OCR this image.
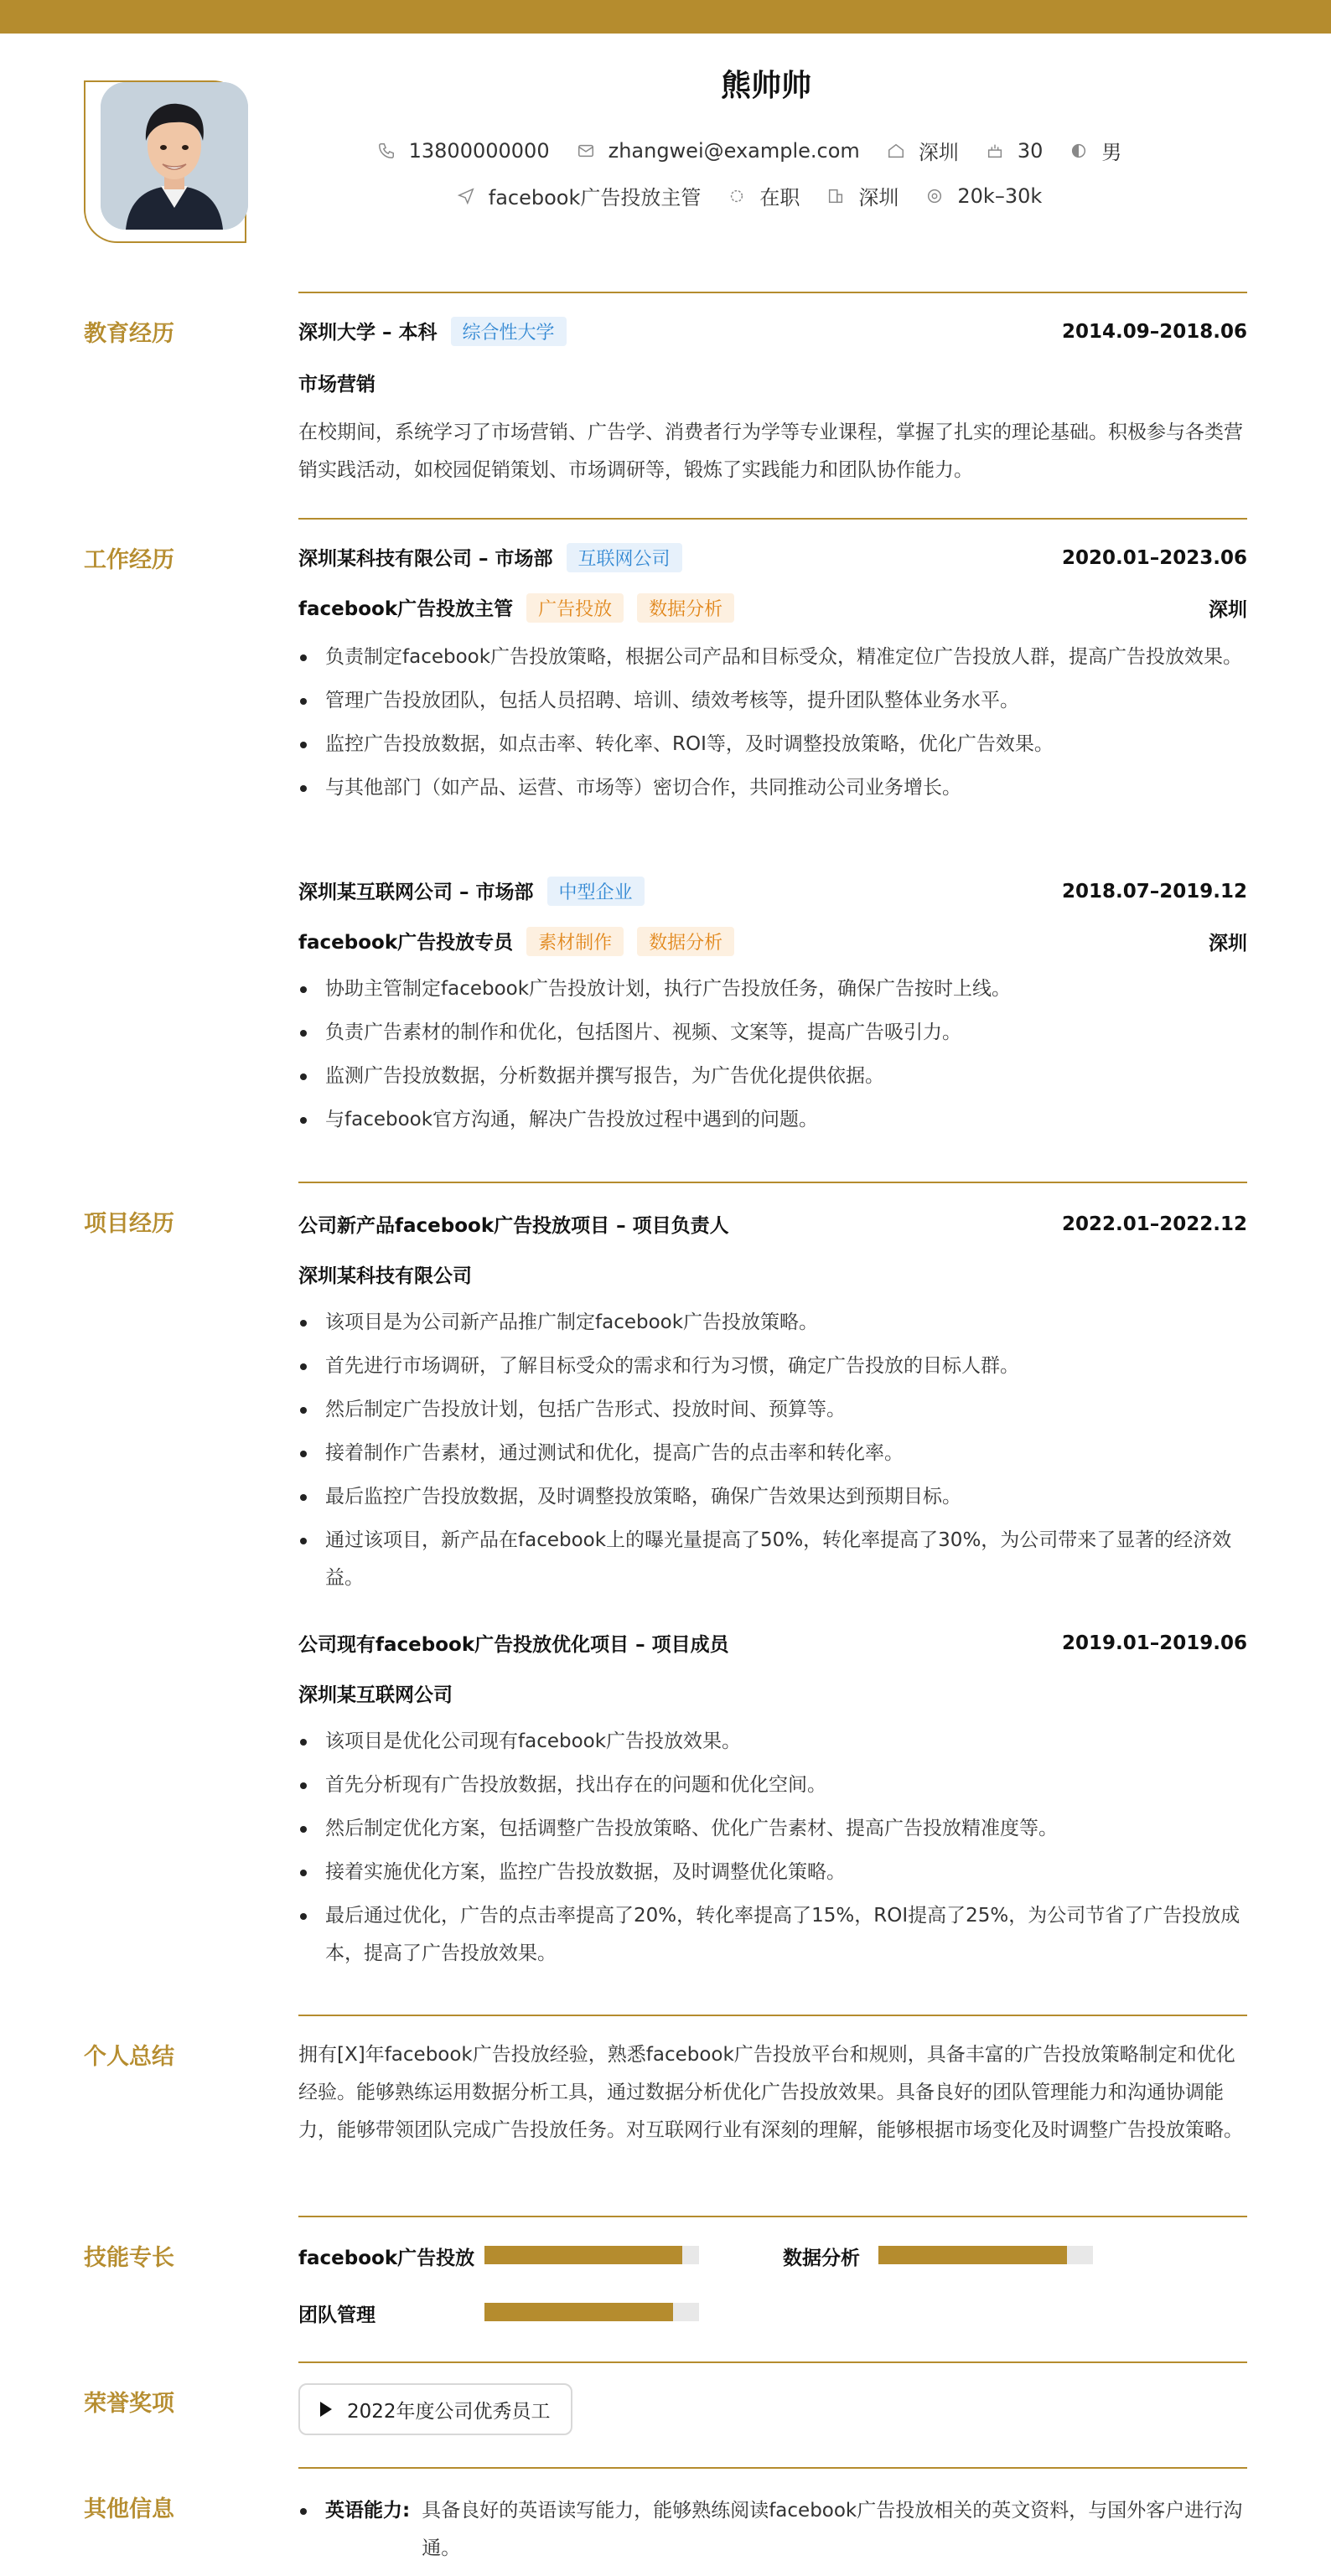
熊帅帅
13800000000	zhangwei@example.com	深圳	30	男
facebook广告投放主管	在职	深圳	20k–30k
教育经历	深圳大学 – 本科 综合性大学	2014.09–2018.06
市场营销
在校期间，系统学习了市场营销、广告学、消费者行为学等专业课程，掌握了扎实的理论基础。积极参与各类营销实践活动，如校园促销策划、市场调研等，锻炼了实践能力和团队协作能力。
工作经历	深圳某科技有限公司 – 市场部 互联网公司	2020.01–2023.06
facebook广告投放主管 广告投放 数据分析	深圳
负责制定facebook广告投放策略，根据公司产品和目标受众，精准定位广告投放人群，提高广告投放效果。
管理广告投放团队，包括人员招聘、培训、绩效考核等，提升团队整体业务水平。
监控广告投放数据，如点击率、转化率、ROI等，及时调整投放策略，优化广告效果。
与其他部门（如产品、运营、市场等）密切合作，共同推动公司业务增长。
深圳某互联网公司 – 市场部 中型企业	2018.07–2019.12
facebook广告投放专员 素材制作 数据分析	深圳
协助主管制定facebook广告投放计划，执行广告投放任务，确保广告按时上线。
负责广告素材的制作和优化，包括图片、视频、文案等，提高广告吸引力。
监测广告投放数据，分析数据并撰写报告，为广告优化提供依据。
与facebook官方沟通，解决广告投放过程中遇到的问题。
项目经历	公司新产品facebook广告投放项目 – 项目负责人	2022.01–2022.12
深圳某科技有限公司
该项目是为公司新产品推广制定facebook广告投放策略。
首先进行市场调研，了解目标受众的需求和行为习惯，确定广告投放的目标人群。
然后制定广告投放计划，包括广告形式、投放时间、预算等。
接着制作广告素材，通过测试和优化，提高广告的点击率和转化率。
最后监控广告投放数据，及时调整投放策略，确保广告效果达到预期目标。
通过该项目，新产品在facebook上的曝光量提高了50%，转化率提高了30%，为公司带来了显著的经济效益。
公司现有facebook广告投放优化项目 – 项目成员	2019.01–2019.06
深圳某互联网公司
该项目是优化公司现有facebook广告投放效果。
首先分析现有广告投放数据，找出存在的问题和优化空间。
然后制定优化方案，包括调整广告投放策略、优化广告素材、提高广告投放精准度等。
接着实施优化方案，监控广告投放数据，及时调整优化策略。
最后通过优化，广告的点击率提高了20%，转化率提高了15%，ROI提高了25%，为公司节省了广告投放成本，提高了广告投放效果。
个人总结	拥有[X]年facebook广告投放经验，熟悉facebook广告投放平台和规则，具备丰富的广告投放策略制定和优化经验。能够熟练运用数据分析工具，通过数据分析优化广告投放效果。具备良好的团队管理能力和沟通协调能力，能够带领团队完成广告投放任务。对互联网行业有深刻的理解，能够根据市场变化及时调整广告投放策略。
技能专长	facebook广告投放	数据分析
团队管理
荣誉奖项	2022年度公司优秀员工
其他信息	英语能力: 具备良好的英语读写能力，能够熟练阅读facebook广告投放相关的英文资料，与国外客户进行沟通。
